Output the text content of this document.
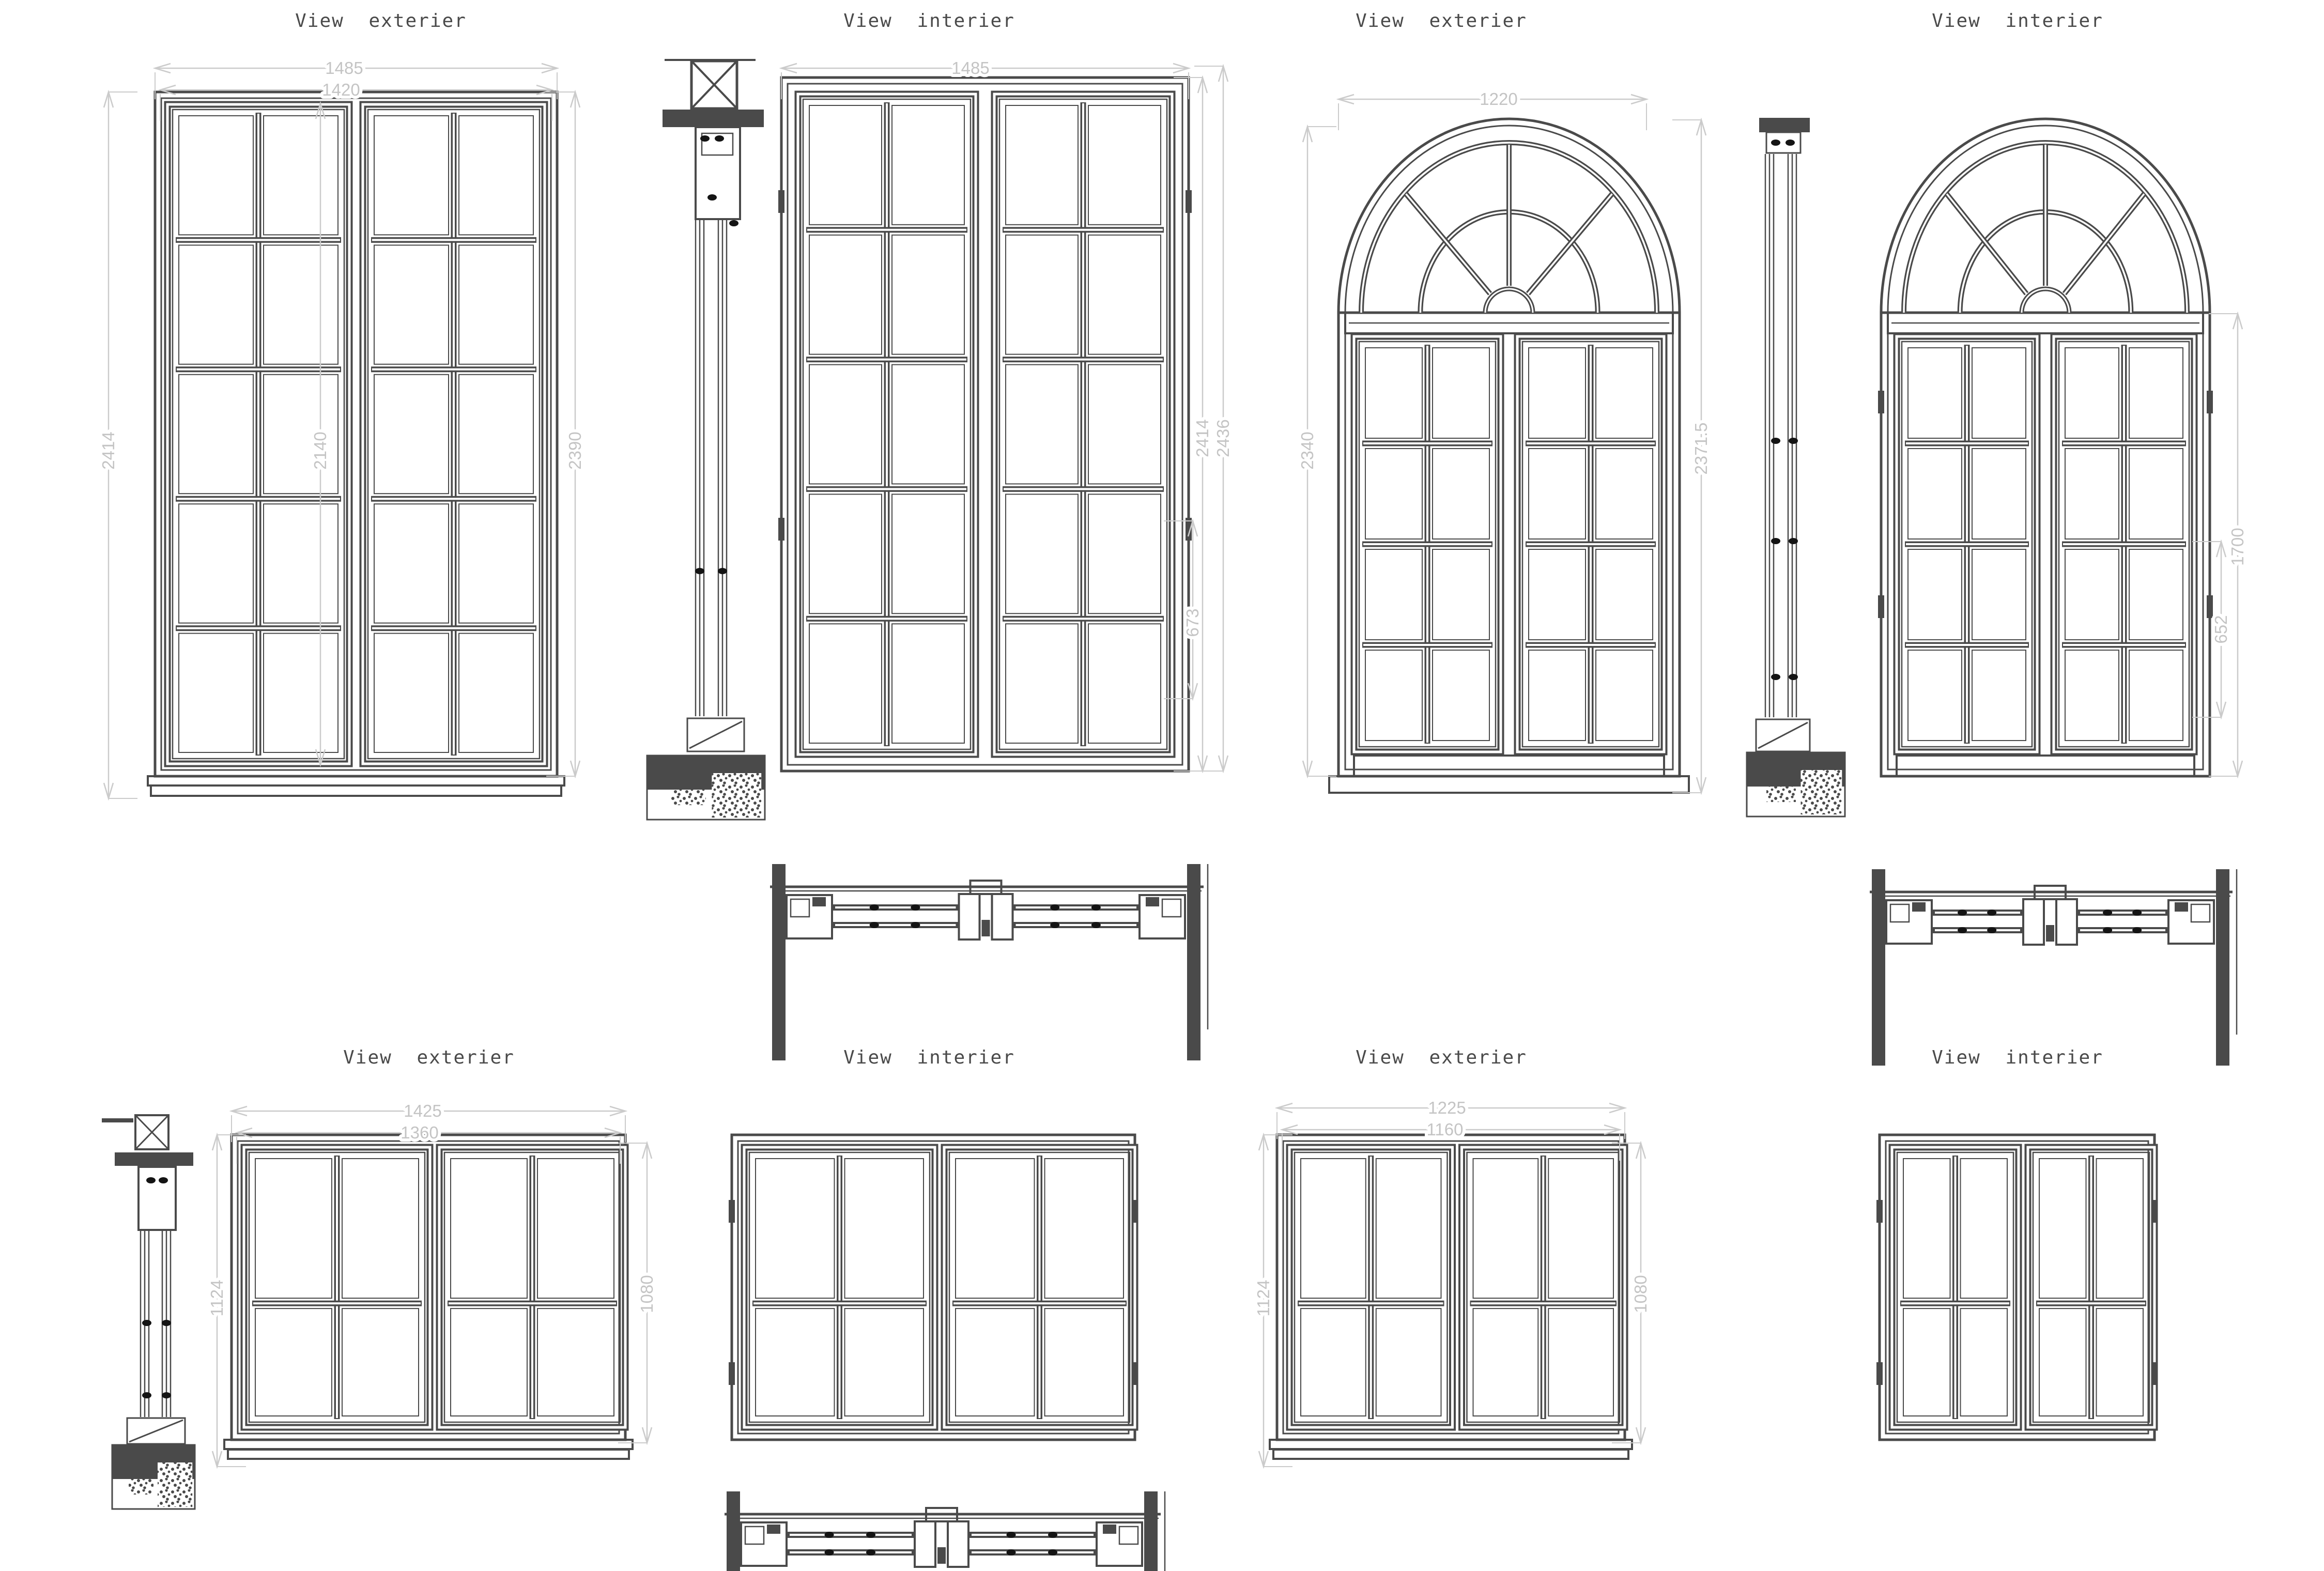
View exterier	View interier	View exterier	View interier
View exterier	View interier	View exterier	View interier
1485
1420
2414	2140	2390
1485
2414 2436
673
1220
2340	2371.5
1700
652
1425
1360
1124	1080
1225
1160
1124	1080
